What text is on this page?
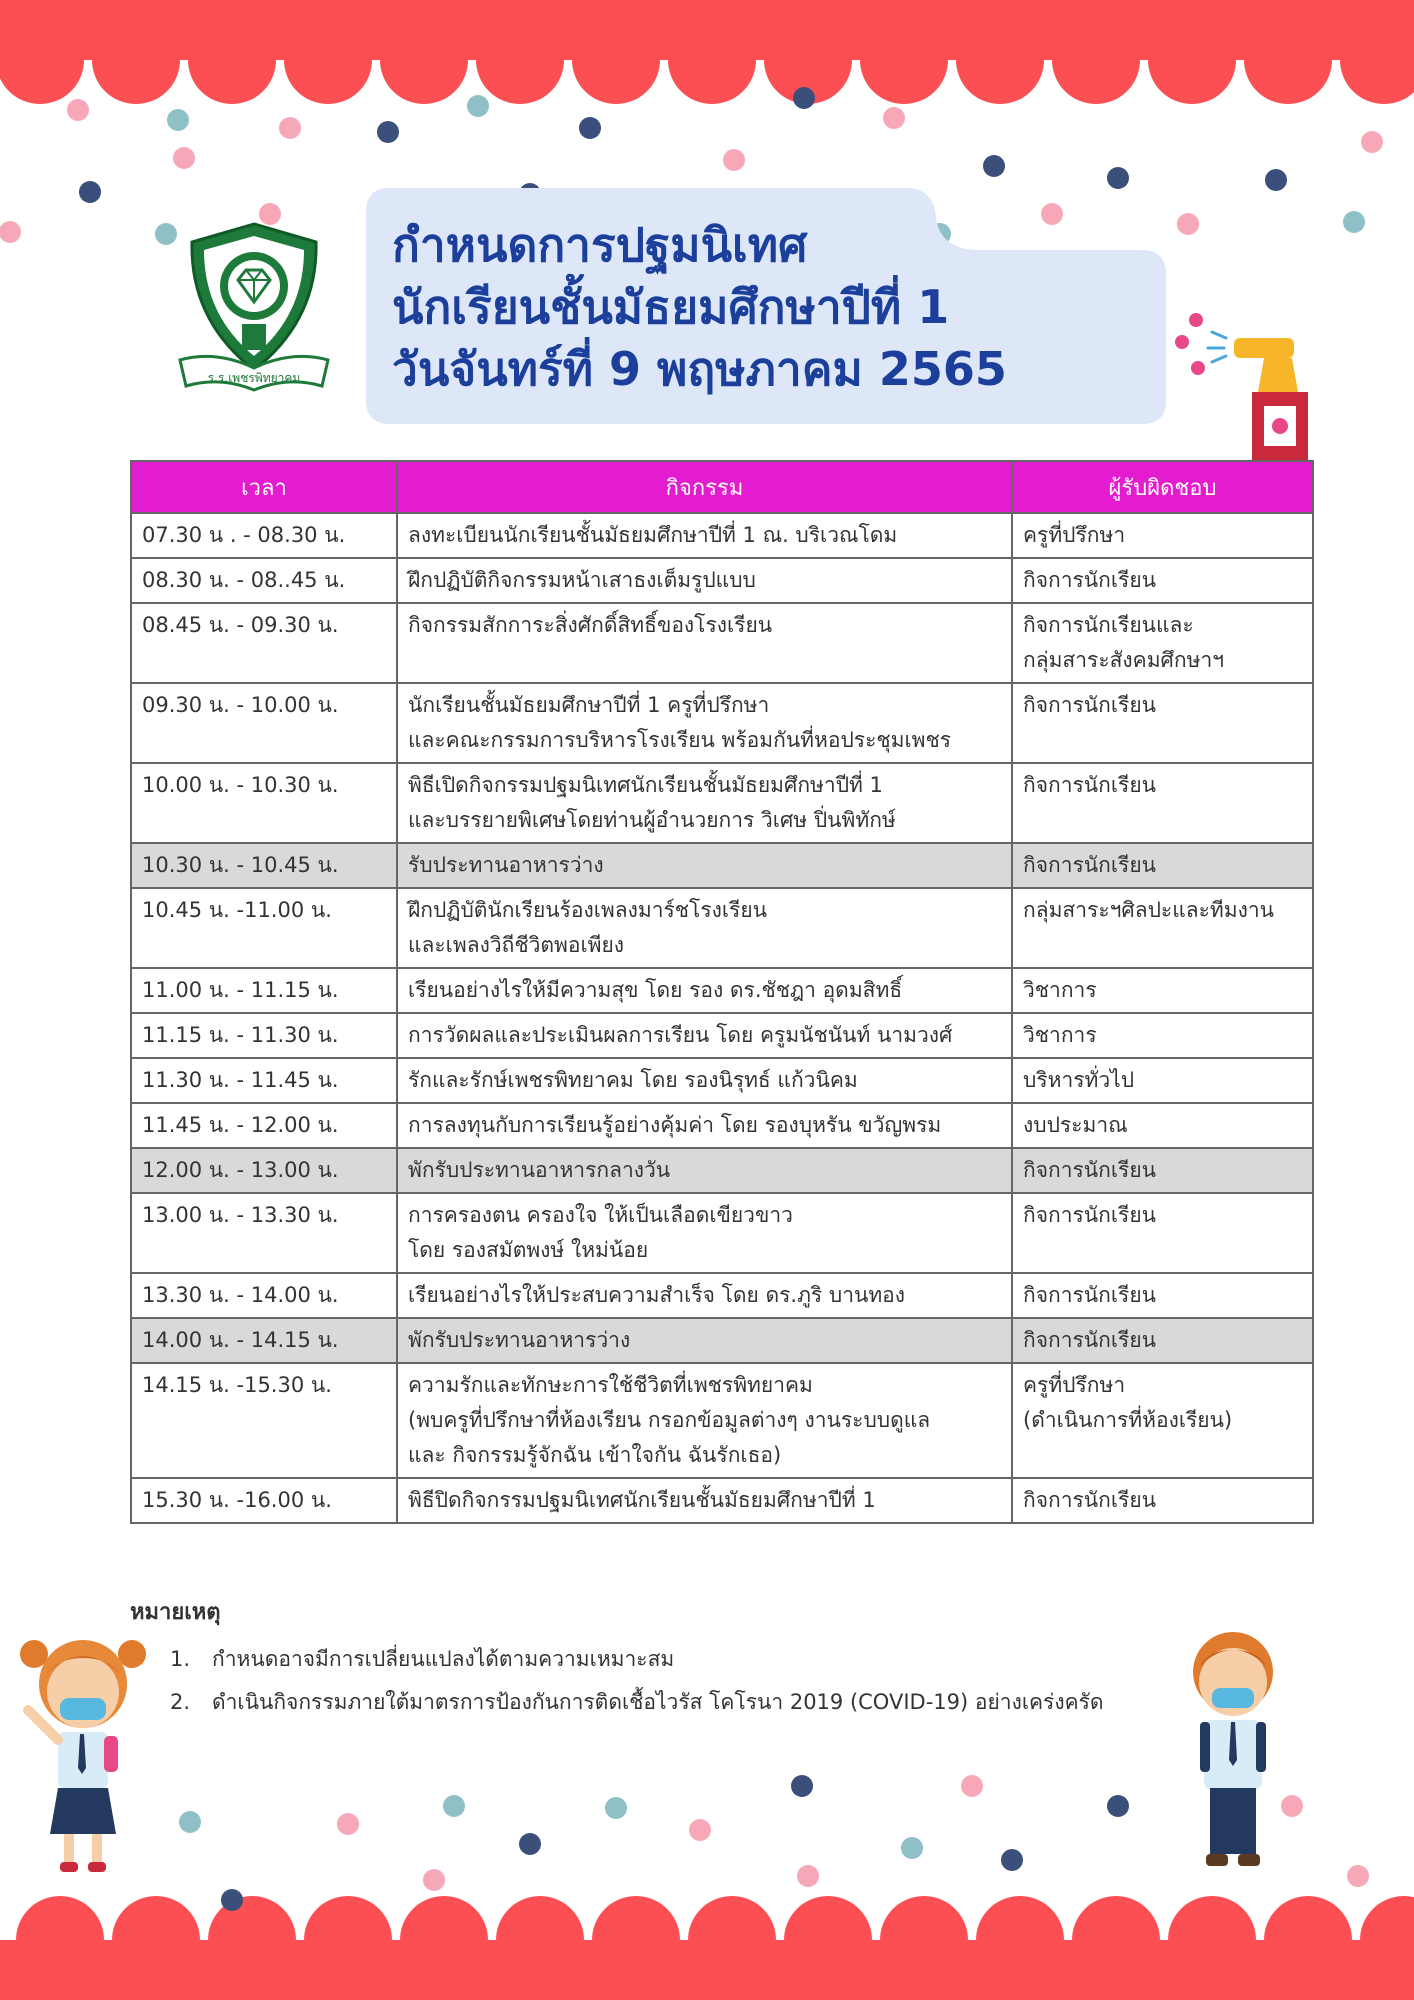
กำหนดการปฐมนิเทศ
นักเรียนชั้นมัธยมศึกษาปีที่ 1
วันจันทร์ที่ 9 พฤษภาคม 2565
ร.ร.เพชรพิทยาคม
เวลา	กิจกรรม	ผู้รับผิดชอบ
07.30 น . - 08.30 น.	ลงทะเบียนนักเรียนชั้นมัธยมศึกษาปีที่ 1 ณ. บริเวณโดม	ครูที่ปรึกษา

08.30 น. - 08..45 น.	ฝึกปฏิบัติกิจกรรมหน้าเสาธงเต็มรูปแบบ	กิจการนักเรียน

08.45 น. - 09.30 น.	กิจกรรมสักการะสิ่งศักดิ์สิทธิ์ของโรงเรียน	กิจการนักเรียนและ
กลุ่มสาระสังคมศึกษาฯ

09.30 น. - 10.00 น.	นักเรียนชั้นมัธยมศึกษาปีที่ 1 ครูที่ปรึกษา
และคณะกรรมการบริหารโรงเรียน พร้อมกันที่หอประชุมเพชร	กิจการนักเรียน

10.00 น. - 10.30 น.	พิธีเปิดกิจกรรมปฐมนิเทศนักเรียนชั้นมัธยมศึกษาปีที่ 1
และบรรยายพิเศษโดยท่านผู้อำนวยการ วิเศษ ปิ่นพิทักษ์	กิจการนักเรียน

10.30 น. - 10.45 น.	รับประทานอาหารว่าง	กิจการนักเรียน

10.45 น. -11.00 น.	ฝึกปฏิบัตินักเรียนร้องเพลงมาร์ชโรงเรียน
และเพลงวิถีชีวิตพอเพียง	กลุ่มสาระฯศิลปะและทีมงาน

11.00 น. - 11.15 น.	เรียนอย่างไรให้มีความสุข โดย รอง ดร.ชัชฎา อุดมสิทธิ์	วิชาการ

11.15 น. - 11.30 น.	การวัดผลและประเมินผลการเรียน โดย ครูมนัชนันท์ นามวงศ์	วิชาการ

11.30 น. - 11.45 น.	รักและรักษ์เพชรพิทยาคม โดย รองนิรุทธ์ แก้วนิคม	บริหารทั่วไป

11.45 น. - 12.00 น.	การลงทุนกับการเรียนรู้อย่างคุ้มค่า โดย รองบุหรัน ขวัญพรม	งบประมาณ

12.00 น. - 13.00 น.	พักรับประทานอาหารกลางวัน	กิจการนักเรียน

13.00 น. - 13.30 น.	การครองตน ครองใจ ให้เป็นเลือดเขียวขาว
โดย รองสมัตพงษ์ ใหม่น้อย	กิจการนักเรียน

13.30 น. - 14.00 น.	เรียนอย่างไรให้ประสบความสำเร็จ โดย ดร.ภูริ บานทอง	กิจการนักเรียน

14.00 น. - 14.15 น.	พักรับประทานอาหารว่าง	กิจการนักเรียน

14.15 น. -15.30 น.	ความรักและทักษะการใช้ชีวิตที่เพชรพิทยาคม
(พบครูที่ปรึกษาที่ห้องเรียน กรอกข้อมูลต่างๆ งานระบบดูแล
และ กิจกรรมรู้จักฉัน เข้าใจกัน ฉันรักเธอ)	ครูที่ปรึกษา
(ดำเนินการที่ห้องเรียน)

15.30 น. -16.00 น.	พิธีปิดกิจกรรมปฐมนิเทศนักเรียนชั้นมัธยมศึกษาปีที่ 1	กิจการนักเรียน
หมายเหตุ
1. กำหนดอาจมีการเปลี่ยนแปลงได้ตามความเหมาะสม
2. ดำเนินกิจกรรมภายใต้มาตรการป้องกันการติดเชื้อไวรัส โคโรนา 2019 (COVID-19) อย่างเคร่งครัด
